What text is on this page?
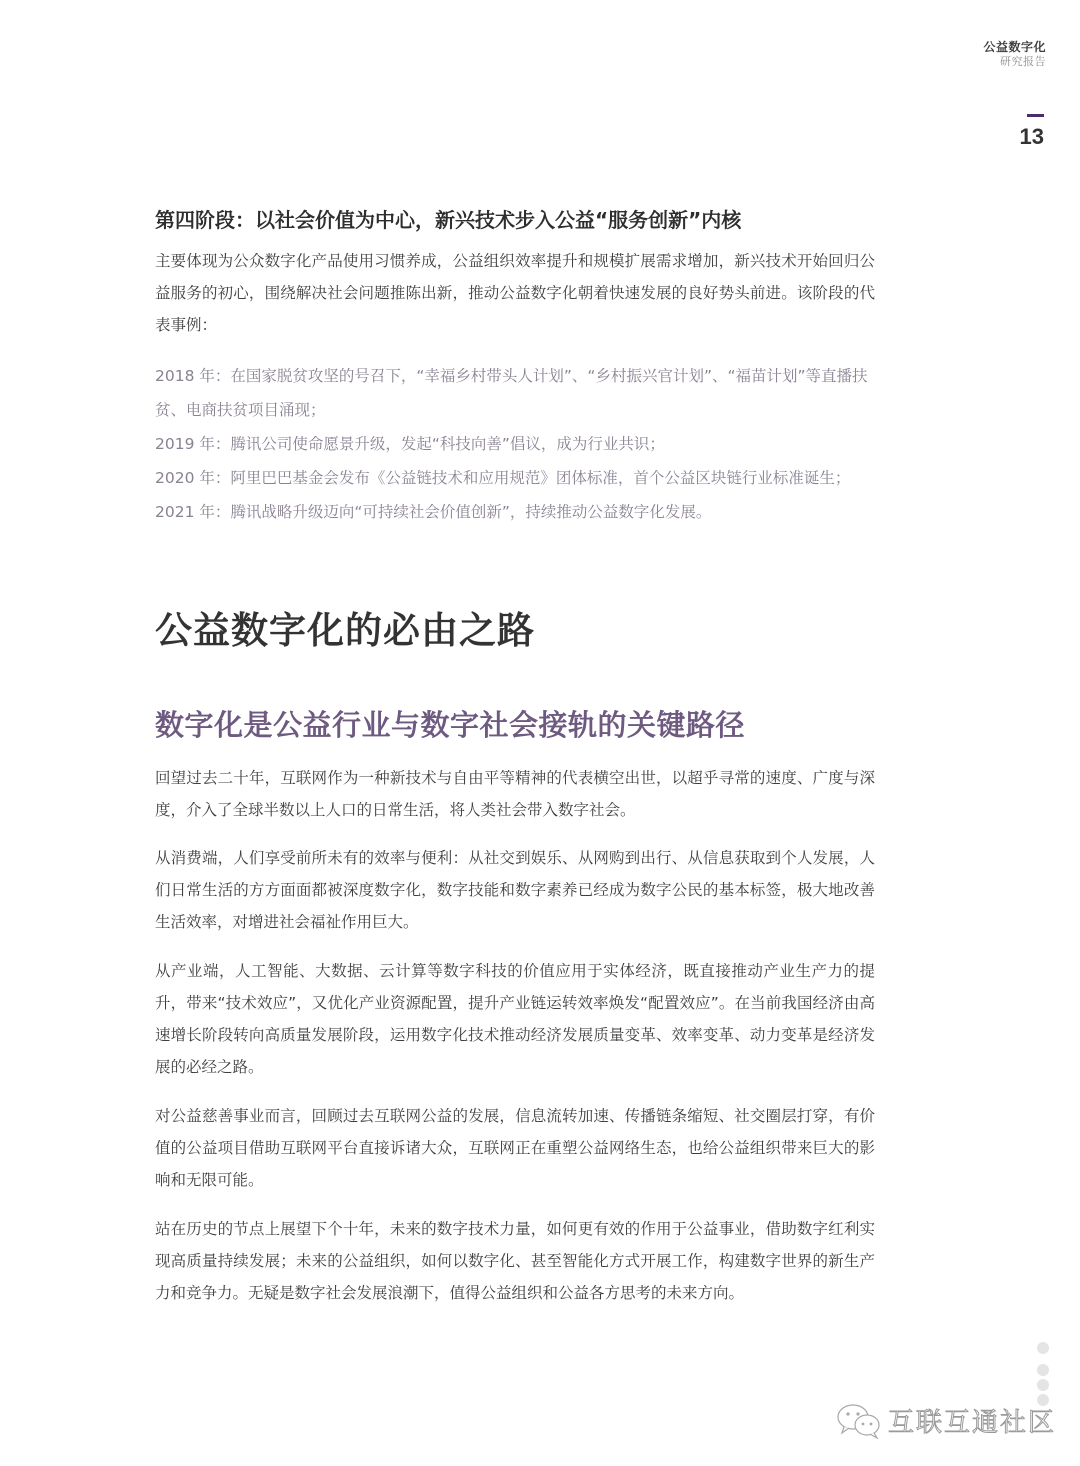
公益数字化
研究报告
13
第四阶段：以社会价值为中心，新兴技术步入公益“服务创新”内核

主要体现为公众数字化产品使用习惯养成，公益组织效率提升和规模扩展需求增加，新兴技术开始回归公益服务的初心，围绕解决社会问题推陈出新，推动公益数字化朝着快速发展的良好势头前进。该阶段的代表事例：

2018 年：在国家脱贫攻坚的号召下，“幸福乡村带头人计划”、“乡村振兴官计划”、“福苗计划”等直播扶贫、电商扶贫项目涌现；

2019 年：腾讯公司使命愿景升级，发起“科技向善”倡议，成为行业共识；

2020 年：阿里巴巴基金会发布《公益链技术和应用规范》团体标准，首个公益区块链行业标准诞生；

2021 年：腾讯战略升级迈向“可持续社会价值创新”，持续推动公益数字化发展。

公益数字化的必由之路
数字化是公益行业与数字社会接轨的关键路径

回望过去二十年，互联网作为一种新技术与自由平等精神的代表横空出世，以超乎寻常的速度、广度与深度，介入了全球半数以上人口的日常生活，将人类社会带入数字社会。

从消费端，人们享受前所未有的效率与便利：从社交到娱乐、从网购到出行、从信息获取到个人发展，人们日常生活的方方面面都被深度数字化，数字技能和数字素养已经成为数字公民的基本标签，极大地改善生活效率，对增进社会福祉作用巨大。

从产业端，人工智能、大数据、云计算等数字科技的价值应用于实体经济，既直接推动产业生产力的提升，带来“技术效应”，又优化产业资源配置，提升产业链运转效率焕发“配置效应”。在当前我国经济由高速增长阶段转向高质量发展阶段，运用数字化技术推动经济发展质量变革、效率变革、动力变革是经济发展的必经之路。

对公益慈善事业而言，回顾过去互联网公益的发展，信息流转加速、传播链条缩短、社交圈层打穿，有价值的公益项目借助互联网平台直接诉诸大众，互联网正在重塑公益网络生态，也给公益组织带来巨大的影响和无限可能。

站在历史的节点上展望下个十年，未来的数字技术力量，如何更有效的作用于公益事业，借助数字红利实现高质量持续发展；未来的公益组织，如何以数字化、甚至智能化方式开展工作，构建数字世界的新生产力和竞争力。无疑是数字社会发展浪潮下，值得公益组织和公益各方思考的未来方向。

互联互通社区
